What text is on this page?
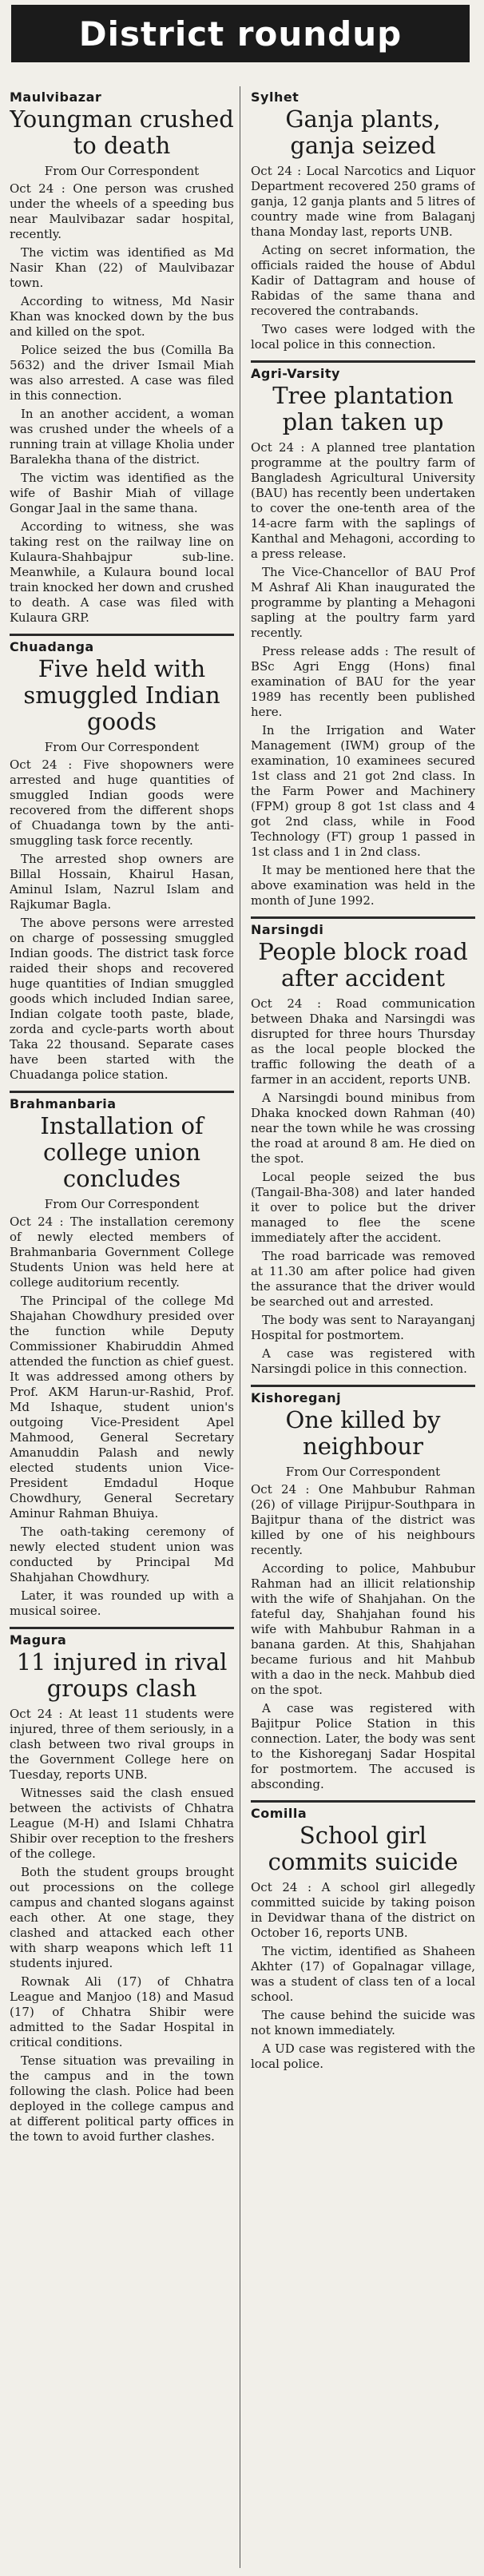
District roundup
Maulvibazar
Youngman crushed to death
From Our Correspondent

Oct 24 : One person was crushed under the wheels of a speeding bus near Maulvibazar sadar hospital, recently.

The victim was identified as Md Nasir Khan (22) of Maulvibazar town.

According to witness, Md Nasir Khan was knocked down by the bus and killed on the spot.

Police seized the bus (Comilla Ba 5632) and the driver Ismail Miah was also arrested. A case was filed in this connection.

In an another accident, a woman was crushed under the wheels of a running train at village Kholia under Baralekha thana of the district.

The victim was identified as the wife of Bashir Miah of village Gongar Jaal in the same thana.

According to witness, she was taking rest on the railway line on Kulaura-Shahbajpur sub-line. Meanwhile, a Kulaura bound local train knocked her down and crushed to death. A case was filed with Kulaura GRP.

Chuadanga
Five held with smuggled Indian goods
From Our Correspondent

Oct 24 : Five shopowners were arrested and huge quantities of smuggled Indian goods were recovered from the different shops of Chuadanga town by the anti-smuggling task force recently.

The arrested shop owners are Billal Hossain, Khairul Hasan, Aminul Islam, Nazrul Islam and Rajkumar Bagla.

The above persons were arrested on charge of possessing smuggled Indian goods. The district task force raided their shops and recovered huge quantities of Indian smuggled goods which included Indian saree, Indian colgate tooth paste, blade, zorda and cycle-parts worth about Taka 22 thousand. Separate cases have been started with the Chuadanga police station.

Brahmanbaria
Installation of college union concludes
From Our Correspondent

Oct 24 : The installation ceremony of newly elected members of Brahmanbaria Government College Students Union was held here at college auditorium recently.

The Principal of the college Md Shajahan Chowdhury presided over the function while Deputy Commissioner Khabiruddin Ahmed attended the function as chief guest. It was addressed among others by Prof. AKM Harun-ur-Rashid, Prof. Md Ishaque, student union's outgoing Vice-President Apel Mahmood, General Secretary Amanuddin Palash and newly elected students union Vice-President Emdadul Hoque Chowdhury, General Secretary Aminur Rahman Bhuiya.

The oath-taking ceremony of newly elected student union was conducted by Principal Md Shahjahan Chowdhury.

Later, it was rounded up with a musical soiree.

Magura
11 injured in rival groups clash

Oct 24 : At least 11 students were injured, three of them seriously, in a clash between two rival groups in the Government College here on Tuesday, reports UNB.

Witnesses said the clash ensued between the activists of Chhatra League (M-H) and Islami Chhatra Shibir over reception to the freshers of the college.

Both the student groups brought out processions on the college campus and chanted slogans against each other. At one stage, they clashed and attacked each other with sharp weapons which left 11 students injured.

Rownak Ali (17) of Chhatra League and Manjoo (18) and Masud (17) of Chhatra Shibir were admitted to the Sadar Hospital in critical conditions.

Tense situation was prevailing in the campus and in the town following the clash. Police had been deployed in the college campus and at different political party offices in the town to avoid further clashes.

Sylhet
Ganja plants, ganja seized

Oct 24 : Local Narcotics and Liquor Department recovered 250 grams of ganja, 12 ganja plants and 5 litres of country made wine from Balaganj thana Monday last, reports UNB.

Acting on secret information, the officials raided the house of Abdul Kadir of Dattagram and house of Rabidas of the same thana and recovered the contrabands.

Two cases were lodged with the local police in this connection.

Agri-Varsity
Tree plantation plan taken up

Oct 24 : A planned tree plantation programme at the poultry farm of Bangladesh Agricultural University (BAU) has recently been undertaken to cover the one-tenth area of the 14-acre farm with the saplings of Kanthal and Mehagoni, according to a press release.

The Vice-Chancellor of BAU Prof M Ashraf Ali Khan inaugurated the programme by planting a Mehagoni sapling at the poultry farm yard recently.

Press release adds : The result of BSc Agri Engg (Hons) final examination of BAU for the year 1989 has recently been published here.

In the Irrigation and Water Management (IWM) group of the examination, 10 examinees secured 1st class and 21 got 2nd class. In the Farm Power and Machinery (FPM) group 8 got 1st class and 4 got 2nd class, while in Food Technology (FT) group 1 passed in 1st class and 1 in 2nd class.

It may be mentioned here that the above examination was held in the month of June 1992.

Narsingdi
People block road after accident

Oct 24 : Road communication between Dhaka and Narsingdi was disrupted for three hours Thursday as the local people blocked the traffic following the death of a farmer in an accident, reports UNB.

A Narsingdi bound minibus from Dhaka knocked down Rahman (40) near the town while he was crossing the road at around 8 am. He died on the spot.

Local people seized the bus (Tangail-Bha-308) and later handed it over to police but the driver managed to flee the scene immediately after the accident.

The road barricade was removed at 11.30 am after police had given the assurance that the driver would be searched out and arrested.

The body was sent to Narayanganj Hospital for postmortem.

A case was registered with Narsingdi police in this connection.

Kishoreganj
One killed by neighbour
From Our Correspondent

Oct 24 : One Mahbubur Rahman (26) of village Pirijpur-Southpara in Bajitpur thana of the district was killed by one of his neighbours recently.

According to police, Mahbubur Rahman had an illicit relationship with the wife of Shahjahan. On the fateful day, Shahjahan found his wife with Mahbubur Rahman in a banana garden. At this, Shahjahan became furious and hit Mahbub with a dao in the neck. Mahbub died on the spot.

A case was registered with Bajitpur Police Station in this connection. Later, the body was sent to the Kishoreganj Sadar Hospital for postmortem. The accused is absconding.

Comilla
School girl commits suicide

Oct 24 : A school girl allegedly committed suicide by taking poison in Devidwar thana of the district on October 16, reports UNB.

The victim, identified as Shaheen Akhter (17) of Gopalnagar village, was a student of class ten of a local school.

The cause behind the suicide was not known immediately.

A UD case was registered with the local police.
